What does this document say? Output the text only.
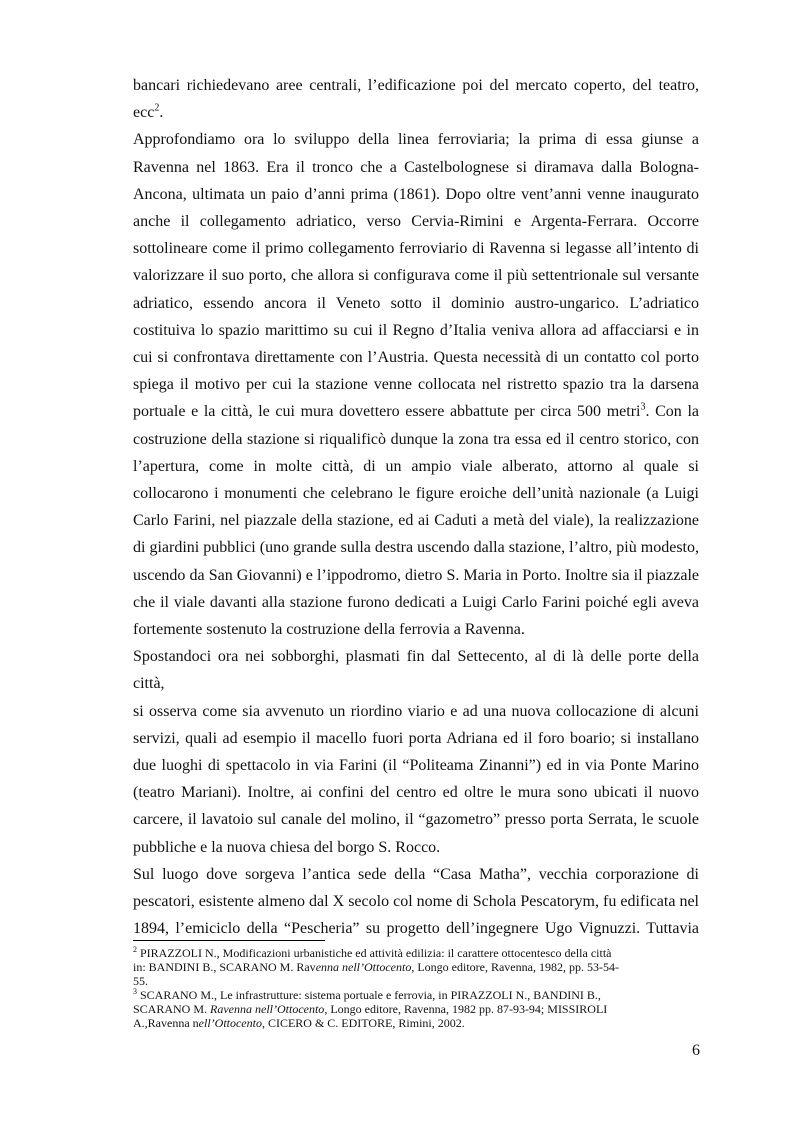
bancari richiedevano aree centrali, l’edificazione poi del mercato coperto, del teatro,

ecc$^2$.

Approfondiamo ora lo sviluppo della linea ferroviaria; la prima di essa giunse a

Ravenna nel 1863. Era il tronco che a Castelbolognese si diramava dalla Bologna-

Ancona, ultimata un paio d’anni prima (1861). Dopo oltre vent’anni venne inaugurato

anche il collegamento adriatico, verso Cervia-Rimini e Argenta-Ferrara. Occorre

sottolineare come il primo collegamento ferroviario di Ravenna si legasse all’intento di

valorizzare il suo porto, che allora si configurava come il più settentrionale sul versante

adriatico, essendo ancora il Veneto sotto il dominio austro-ungarico. L’adriatico

costituiva lo spazio marittimo su cui il Regno d’Italia veniva allora ad affacciarsi e in

cui si confrontava direttamente con l’Austria. Questa necessità di un contatto col porto

spiega il motivo per cui la stazione venne collocata nel ristretto spazio tra la darsena

portuale e la città, le cui mura dovettero essere abbattute per circa 500 metri$^3$. Con la

costruzione della stazione si riqualificò dunque la zona tra essa ed il centro storico, con

l’apertura, come in molte città, di un ampio viale alberato, attorno al quale si

collocarono i monumenti che celebrano le figure eroiche dell’unità nazionale (a Luigi

Carlo Farini, nel piazzale della stazione, ed ai Caduti a metà del viale), la realizzazione

di giardini pubblici (uno grande sulla destra uscendo dalla stazione, l’altro, più modesto,

uscendo da San Giovanni) e l’ippodromo, dietro S. Maria in Porto. Inoltre sia il piazzale

che il viale davanti alla stazione furono dedicati a Luigi Carlo Farini poiché egli aveva

fortemente sostenuto la costruzione della ferrovia a Ravenna.

Spostandoci ora nei sobborghi, plasmati fin dal Settecento, al di là delle porte della città,

si osserva come sia avvenuto un riordino viario e ad una nuova collocazione di alcuni

servizi, quali ad esempio il macello fuori porta Adriana ed il foro boario; si installano

due luoghi di spettacolo in via Farini (il “Politeama Zinanni”) ed in via Ponte Marino

(teatro Mariani). Inoltre, ai confini del centro ed oltre le mura sono ubicati il nuovo

carcere, il lavatoio sul canale del molino, il “gazometro” presso porta Serrata, le scuole

pubbliche e la nuova chiesa del borgo S. Rocco.

Sul luogo dove sorgeva l’antica sede della “Casa Matha”, vecchia corporazione di

pescatori, esistente almeno dal X secolo col nome di Schola Pescatorym, fu edificata nel

1894, l’emiciclo della “Pescheria” su progetto dell’ingegnere Ugo Vignuzzi. Tuttavia

$^2$ PIRAZZOLI N., Modificazioni urbanistiche ed attività edilizia: il carattere ottocentesco della città

in: BANDINI B., SCARANO M. Ravenna nell’Ottocento, Longo editore, Ravenna, 1982, pp. 53-54-

55.

$^3$ SCARANO M., Le infrastrutture: sistema portuale e ferrovia, in PIRAZZOLI N., BANDINI B.,

SCARANO M. Ravenna nell’Ottocento, Longo editore, Ravenna, 1982 pp. 87-93-94; MISSIROLI

A.,Ravenna nell’Ottocento, CICERO & C. EDITORE, Rimini, 2002.

6
